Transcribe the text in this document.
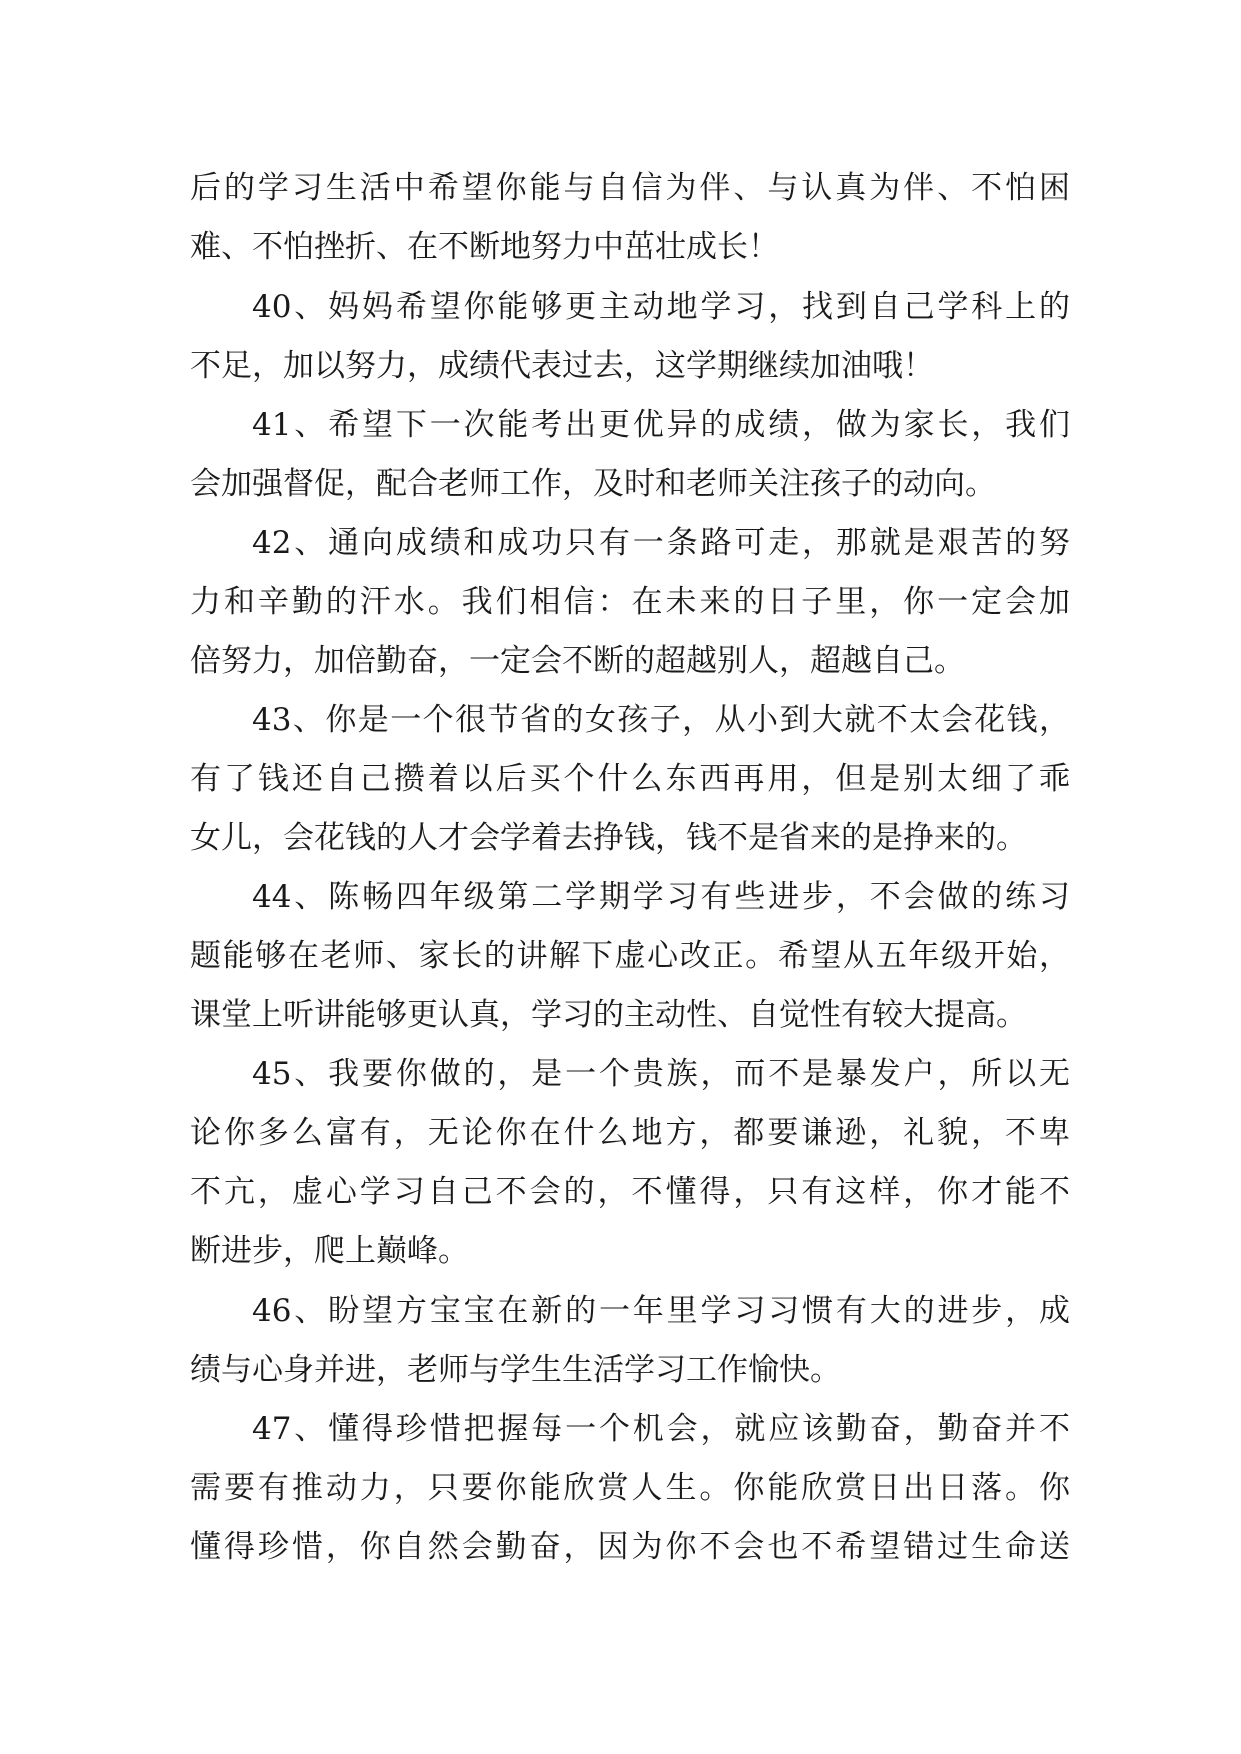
后的学习生活中希望你能与自信为伴、与认真为伴、不怕困
难、不怕挫折、在不断地努力中茁壮成长！
40、妈妈希望你能够更主动地学习，找到自己学科上的
不足，加以努力，成绩代表过去，这学期继续加油哦！
41、希望下一次能考出更优异的成绩，做为家长，我们
会加强督促，配合老师工作，及时和老师关注孩子的动向。
42、通向成绩和成功只有一条路可走，那就是艰苦的努
力和辛勤的汗水。我们相信：在未来的日子里，你一定会加
倍努力，加倍勤奋，一定会不断的超越别人，超越自己。
43、你是一个很节省的女孩子，从小到大就不太会花钱，
有了钱还自己攒着以后买个什么东西再用，但是别太细了乖
女儿，会花钱的人才会学着去挣钱，钱不是省来的是挣来的。
44、陈畅四年级第二学期学习有些进步，不会做的练习
题能够在老师、家长的讲解下虚心改正。希望从五年级开始，
课堂上听讲能够更认真，学习的主动性、自觉性有较大提高。
45、我要你做的，是一个贵族，而不是暴发户，所以无
论你多么富有，无论你在什么地方，都要谦逊，礼貌，不卑
不亢，虚心学习自己不会的，不懂得，只有这样，你才能不
断进步，爬上巅峰。
46、盼望方宝宝在新的一年里学习习惯有大的进步，成
绩与心身并进，老师与学生生活学习工作愉快。
47、懂得珍惜把握每一个机会，就应该勤奋，勤奋并不
需要有推动力，只要你能欣赏人生。你能欣赏日出日落。你
懂得珍惜，你自然会勤奋，因为你不会也不希望错过生命送
